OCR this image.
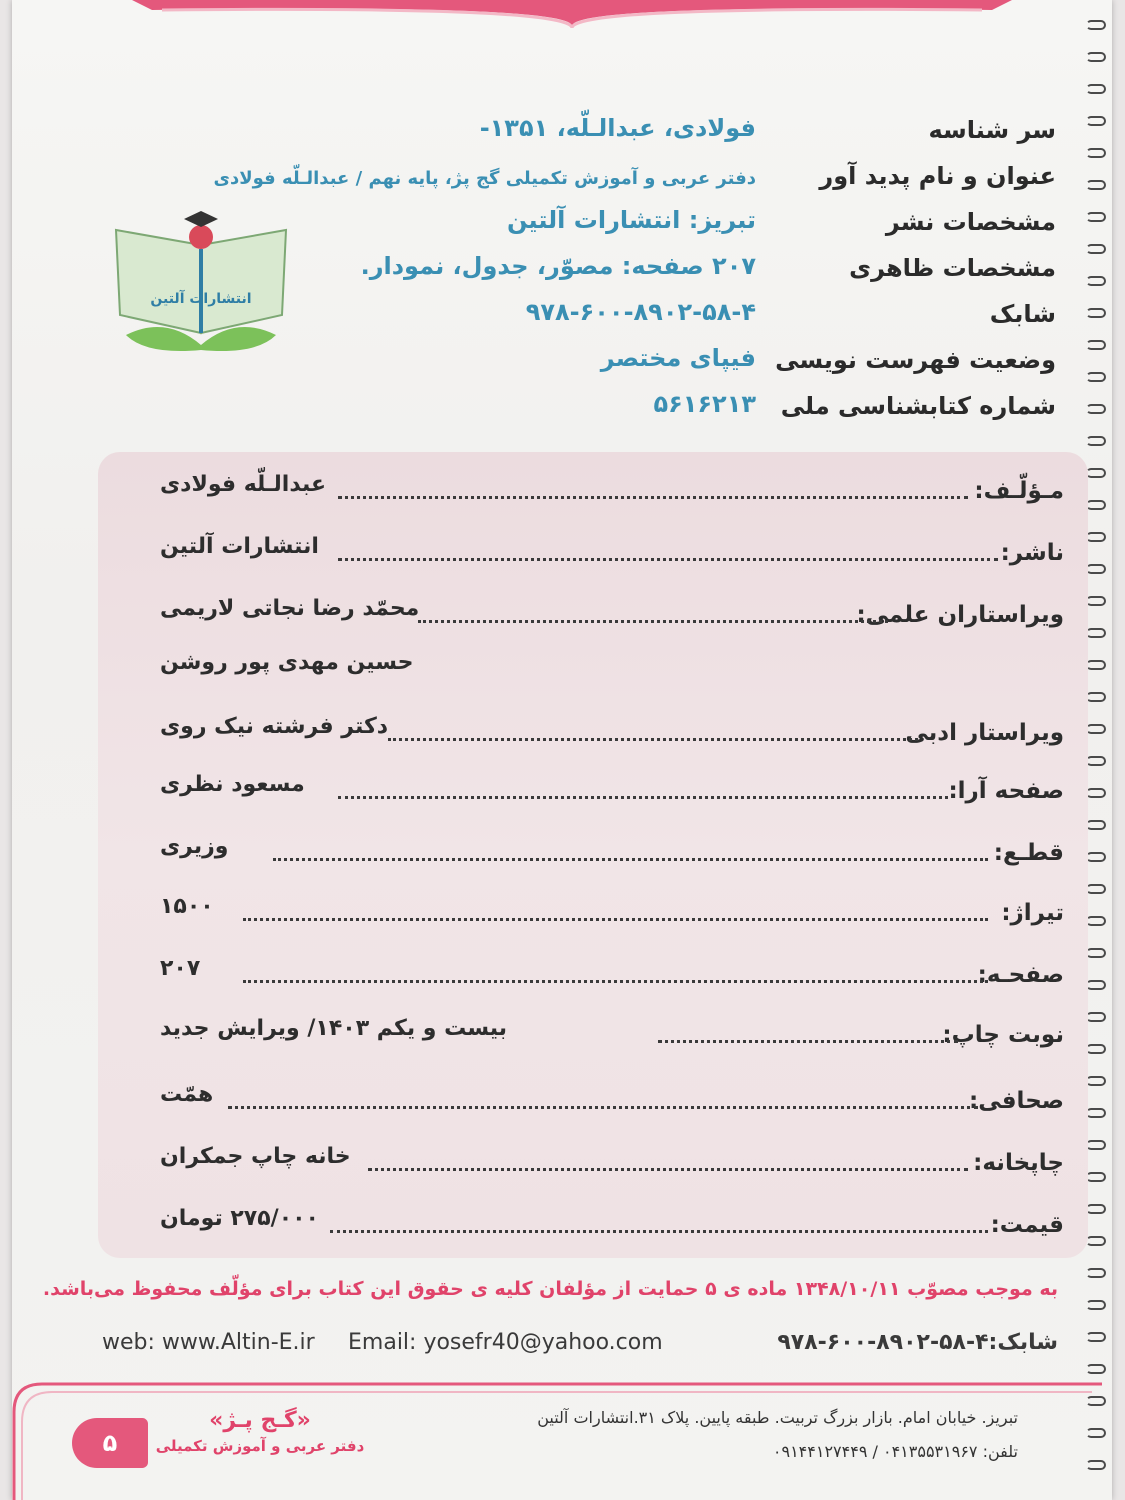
سر شناسه
فولادی، عبدالـلّه، ۱۳۵۱-
عنوان و نام پدید آور
دفتر عربی و آموزش تکمیلی گج پژ، پایه نهم / عبدالـلّه فولادی
مشخصات نشر
تبریز: انتشارات آلتین
مشخصات ظاهری
۲۰۷ صفحه: مصوّر، جدول، نمودار.
شابک
۹۷۸-۶۰۰-۸۹۰۲-۵۸-۴
وضعیت فهرست نویسی
فیپای مختصر
شماره کتابشناسی ملی
۵۶۱۶۲۱۳
انتشارات آلتین
مـؤلّـف:
عبدالـلّه فولادی
ناشر:
انتشارات آلتین
ویراستاران علمی:
محمّد رضا نجاتی لاریمی
حسین مهدی پور روشن
ویراستار ادبی
دکتر فرشته نیک روی
صفحه آرا:
مسعود نظری
قطـع:
وزیری
تیراژ:
۱۵۰۰
صفحـه:
۲۰۷
نوبت چاپ:
بیست و یکم ۱۴۰۳/ ویرایش جدید
صحافی:
همّت
چاپخانه:
خانه چاپ جمکران
قیمت:
۲۷۵/۰۰۰ تومان
به موجب مصوّب ۱۳۴۸/۱۰/۱۱ ماده ی ۵ حمایت از مؤلفان کلیه ی حقوق این کتاب برای مؤلّف محفوظ می‌باشد.
شابک:۴-۵۸-۸۹۰۲-۶۰۰-۹۷۸
Email: yosefr40@yahoo.com
web: www.Altin-E.ir
تبریز. خیابان امام. بازار بزرگ تربیت. طبقه پایین. پلاک ۳۱.انتشارات آلتین
تلفن: ۰۴۱۳۵۵۳۱۹۶۷ / ۰۹۱۴۴۱۲۷۴۴۹
«گـج پـژ»
دفتر عربی و آموزش تکمیلی
۵
